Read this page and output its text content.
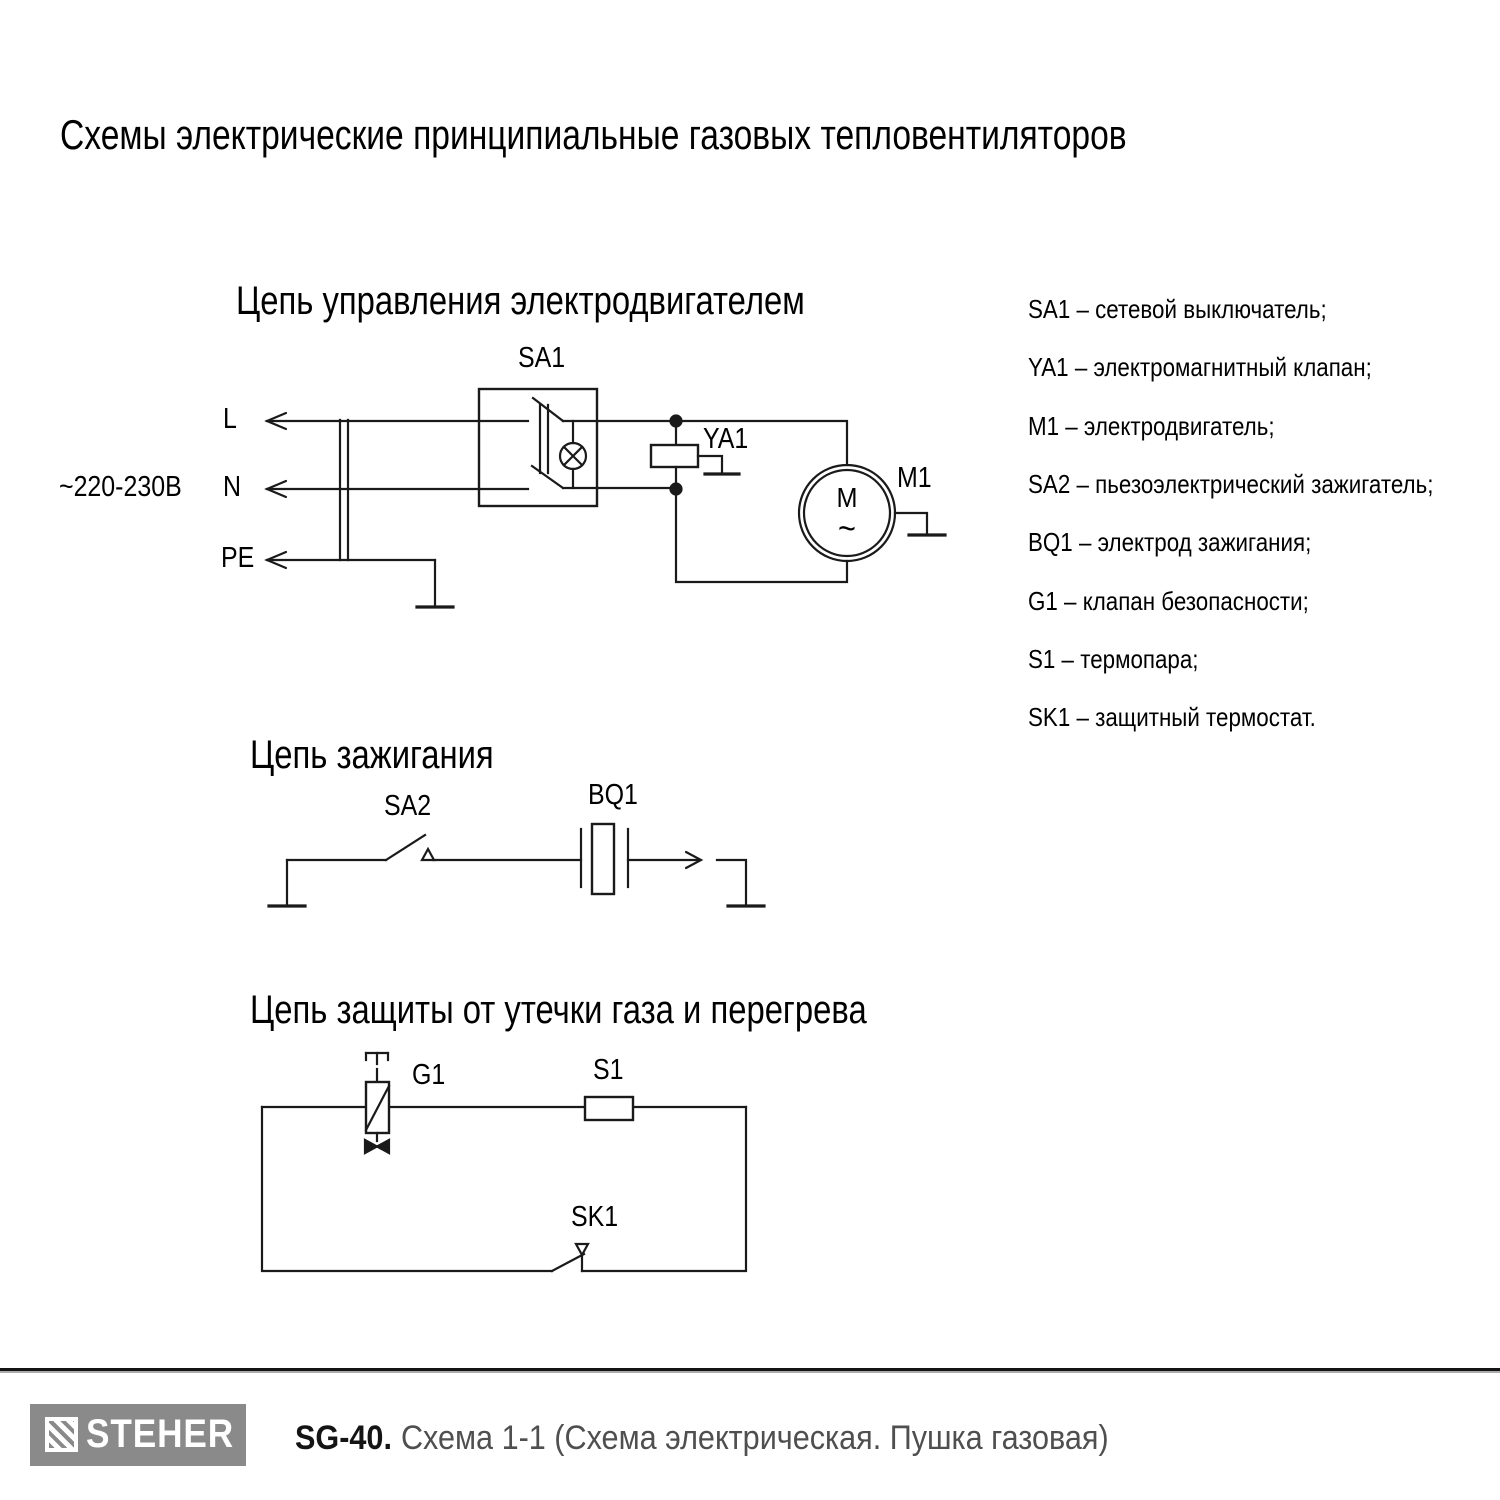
Схемы электрические принципиальные газовых тепловентиляторов
Цепь управления электродвигателем
SA1
L
N
PE
~220-230В
YA1
M1
M
~
Цепь зажигания
SA2	BQ1
Цепь защиты от утечки газа и перегрева
G1	S1
SK1
SA1 – сетевой выключатель;
YA1 – электромагнитный клапан;
M1 – электродвигатель;
SA2 – пьезоэлектрический зажигатель;
BQ1 – электрод зажигания;
G1 – клапан безопасности;
S1 – термопара;
SK1 – защитный термостат.
STEHER SG-40. Схема 1-1 (Схема электрическая. Пушка газовая)
